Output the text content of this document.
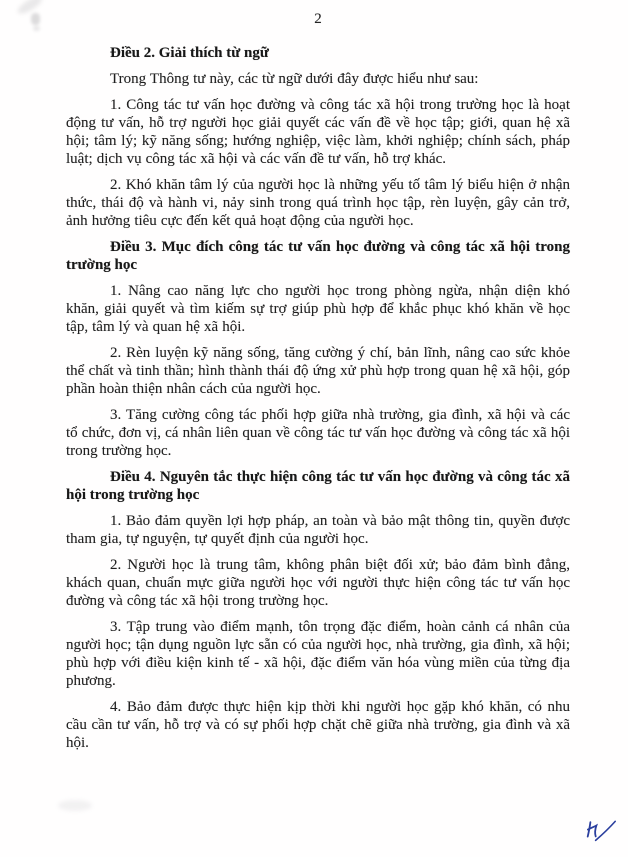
2
Điều 2. Giải thích từ ngữ

Trong Thông tư này, các từ ngữ dưới đây được hiểu như sau:

1. Công tác tư vấn học đường và công tác xã hội trong trường học là hoạt động tư vấn, hỗ trợ người học giải quyết các vấn đề về học tập; giới, quan hệ xã hội; tâm lý; kỹ năng sống; hướng nghiệp, việc làm, khởi nghiệp; chính sách, pháp luật; dịch vụ công tác xã hội và các vấn đề tư vấn, hỗ trợ khác.

2. Khó khăn tâm lý của người học là những yếu tố tâm lý biểu hiện ở nhận thức, thái độ và hành vi, nảy sinh trong quá trình học tập, rèn luyện, gây cản trở, ảnh hưởng tiêu cực đến kết quả hoạt động của người học.

Điều 3. Mục đích công tác tư vấn học đường và công tác xã hội trong trường học

1. Nâng cao năng lực cho người học trong phòng ngừa, nhận diện khó khăn, giải quyết và tìm kiếm sự trợ giúp phù hợp để khắc phục khó khăn về học tập, tâm lý và quan hệ xã hội.

2. Rèn luyện kỹ năng sống, tăng cường ý chí, bản lĩnh, nâng cao sức khỏe thể chất và tinh thần; hình thành thái độ ứng xử phù hợp trong quan hệ xã hội, góp phần hoàn thiện nhân cách của người học.

3. Tăng cường công tác phối hợp giữa nhà trường, gia đình, xã hội và các tổ chức, đơn vị, cá nhân liên quan về công tác tư vấn học đường và công tác xã hội trong trường học.

Điều 4. Nguyên tắc thực hiện công tác tư vấn học đường và công tác xã hội trong trường học

1. Bảo đảm quyền lợi hợp pháp, an toàn và bảo mật thông tin, quyền được tham gia, tự nguyện, tự quyết định của người học.

2. Người học là trung tâm, không phân biệt đối xử; bảo đảm bình đẳng, khách quan, chuẩn mực giữa người học với người thực hiện công tác tư vấn học đường và công tác xã hội trong trường học.

3. Tập trung vào điểm mạnh, tôn trọng đặc điểm, hoàn cảnh cá nhân của người học; tận dụng nguồn lực sẵn có của người học, nhà trường, gia đình, xã hội; phù hợp với điều kiện kinh tế - xã hội, đặc điểm văn hóa vùng miền của từng địa phương.

4. Bảo đảm được thực hiện kịp thời khi người học gặp khó khăn, có nhu cầu cần tư vấn, hỗ trợ và có sự phối hợp chặt chẽ giữa nhà trường, gia đình và xã hội.
